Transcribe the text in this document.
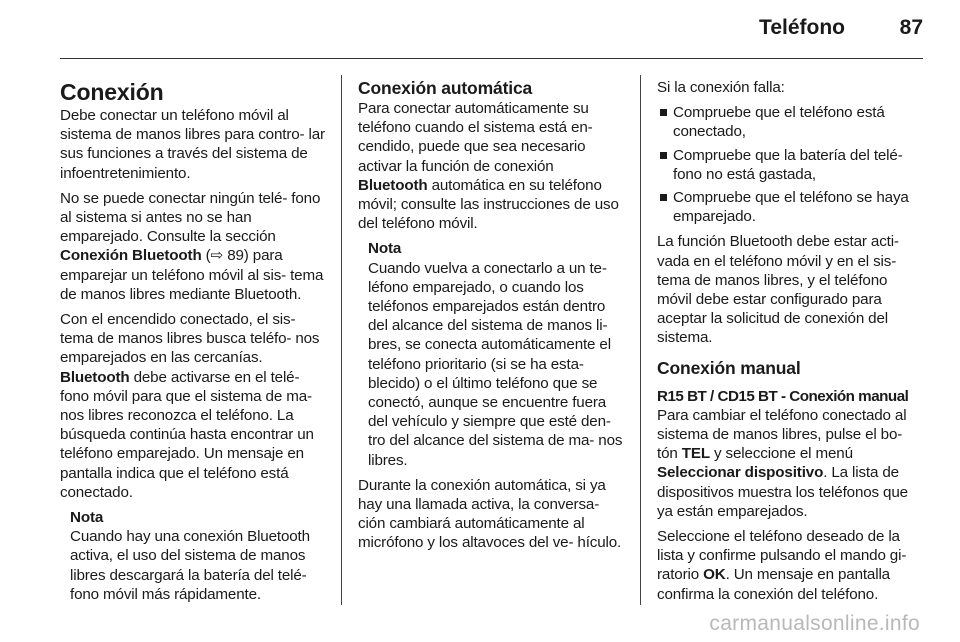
Teléfono	87
Conexión

Debe conectar un teléfono móvil al sistema de manos libres para contro- lar sus funciones a través del sistema de infoentretenimiento.

No se puede conectar ningún telé- fono al sistema si antes no se han emparejado. Consulte la sección Conexión Bluetooth (⇨ 89) para emparejar un teléfono móvil al sis- tema de manos libres mediante Bluetooth.

Con el encendido conectado, el sis- tema de manos libres busca teléfo- nos emparejados en las cercanías.
Bluetooth debe activarse en el telé- fono móvil para que el sistema de ma- nos libres reconozca el teléfono. La búsqueda continúa hasta encontrar un teléfono emparejado. Un mensaje en pantalla indica que el teléfono está conectado.

Nota
Cuando hay una conexión Bluetooth activa, el uso del sistema de manos libres descargará la batería del telé- fono móvil más rápidamente.
Conexión automática

Para conectar automáticamente su teléfono cuando el sistema está en- cendido, puede que sea necesario activar la función de conexión
Bluetooth automática en su teléfono móvil; consulte las instrucciones de uso del teléfono móvil.

Nota
Cuando vuelva a conectarlo a un te- léfono emparejado, o cuando los teléfonos emparejados están dentro del alcance del sistema de manos li- bres, se conecta automáticamente el teléfono prioritario (si se ha esta- blecido) o el último teléfono que se conectó, aunque se encuentre fuera del vehículo y siempre que esté den- tro del alcance del sistema de ma- nos libres.

Durante la conexión automática, si ya hay una llamada activa, la conversa- ción cambiará automáticamente al micrófono y los altavoces del ve- hículo.

Si la conexión falla:

Compruebe que el teléfono está conectado,
Compruebe que la batería del telé- fono no está gastada,
Compruebe que el teléfono se haya emparejado.

La función Bluetooth debe estar acti- vada en el teléfono móvil y en el sis- tema de manos libres, y el teléfono móvil debe estar configurado para aceptar la solicitud de conexión del sistema.

Conexión manual
R15 BT / CD15 BT - Conexión manual

Para cambiar el teléfono conectado al sistema de manos libres, pulse el bo- tón TEL y seleccione el menú
Seleccionar dispositivo. La lista de dispositivos muestra los teléfonos que ya están emparejados.

Seleccione el teléfono deseado de la lista y confirme pulsando el mando gi- ratorio OK. Un mensaje en pantalla confirma la conexión del teléfono.

carmanualsonline.info
